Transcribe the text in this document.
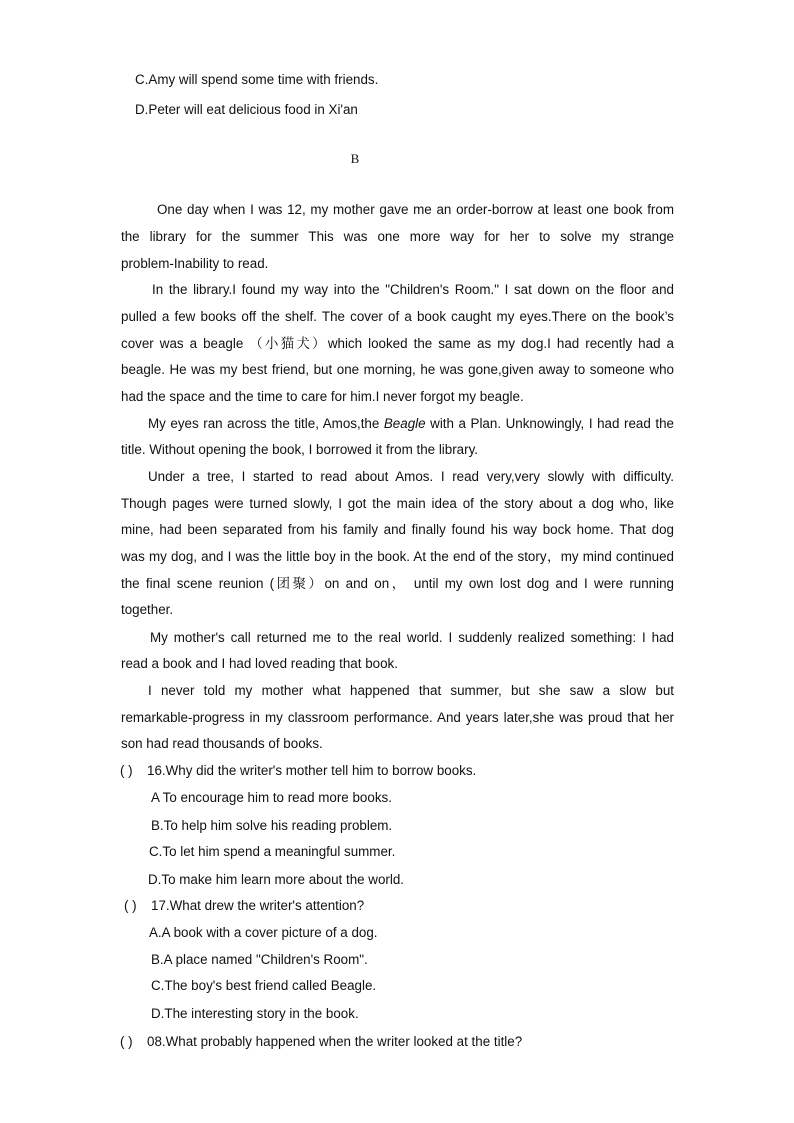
C.Amy will spend some time with friends.
D.Peter will eat delicious food in Xi'an
B
One day when I was 12, my mother gave me an order-borrow at least one book from
the library for the summer This was one more way for her to solve my strange
problem-Inability to read.
In the library.I found my way into the "Children's Room." I sat down on the floor and
pulled a few books off the shelf. The cover of a book caught my eyes.There on the book’s
cover was a beagle （小猫犬）which looked the same as my dog.I had recently had a
beagle. He was my best friend, but one morning, he was gone,given away to someone who
had the space and the time to care for him.I never forgot my beagle.
My eyes ran across the title, Amos,the Beagle with a Plan. Unknowingly, I had read the
title. Without opening the book, I borrowed it from the library.
Under a tree, I started to read about Amos. I read very,very slowly with difficulty.
Though pages were turned slowly, I got the main idea of the story about a dog who, like
mine, had been separated from his family and finally found his way bock home. That dog
was my dog, and I was the little boy in the book. At the end of the story，my mind continued
the final scene reunion (团聚）on and on， until my own lost dog and I were running
together.
My mother's call returned me to the real world. I suddenly realized something: I had
read a book and I had loved reading that book.
I never told my mother what happened that summer, but she saw a slow but
remarkable-progress in my classroom performance. And years later,she was proud that her
son had read thousands of books.
( ) 16.Why did the writer's mother tell him to borrow books.
A To encourage him to read more books.
B.To help him solve his reading problem.
C.To let him spend a meaningful summer.
D.To make him learn more about the world.
( ) 17.What drew the writer's attention?
A.A book with a cover picture of a dog.
B.A place named "Children's Room".
C.The boy's best friend called Beagle.
D.The interesting story in the book.
( ) 08.What probably happened when the writer looked at the title?
